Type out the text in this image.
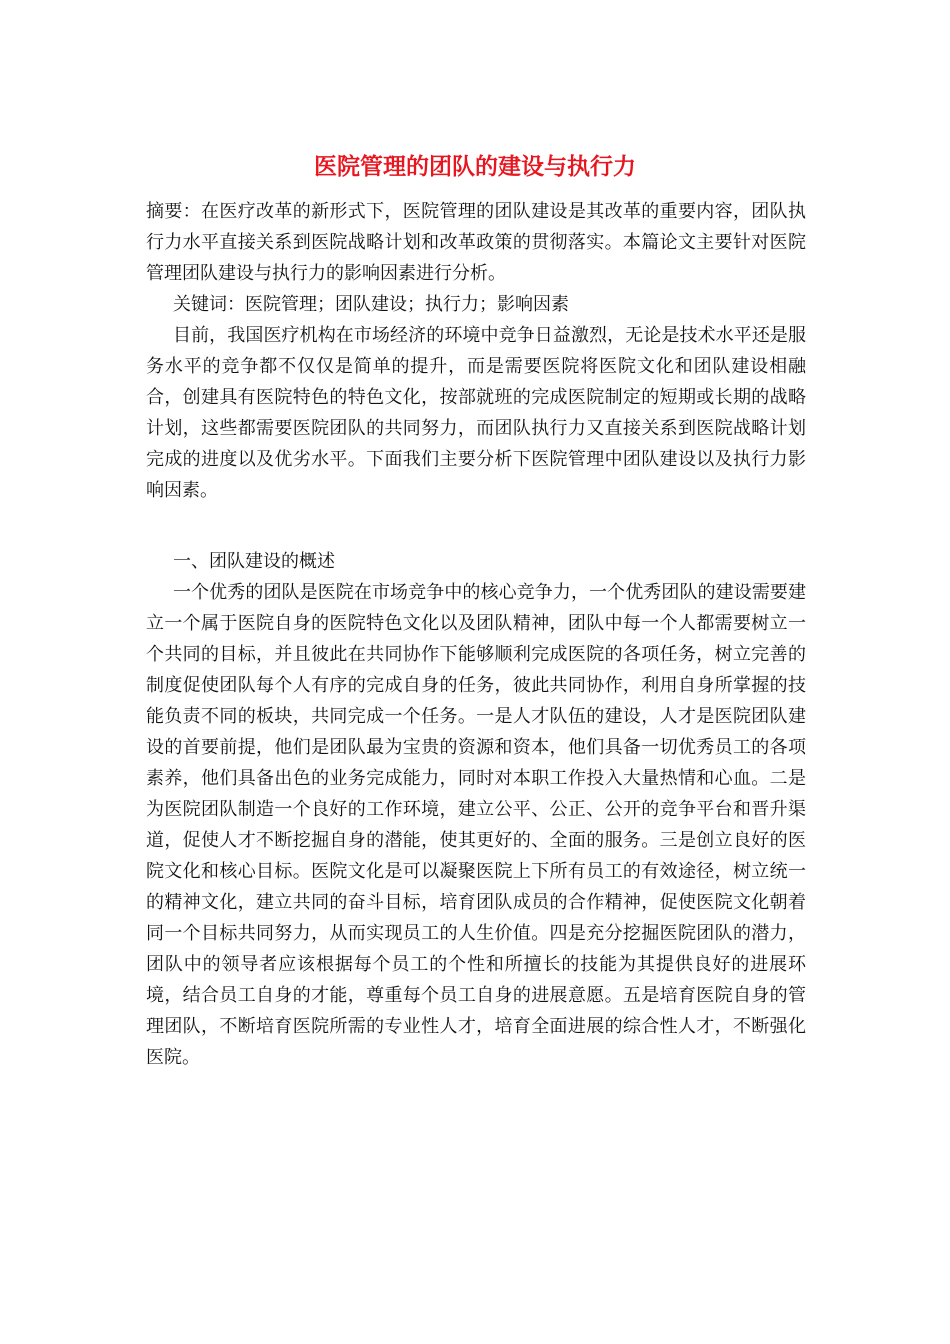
医院管理的团队的建设与执行力

摘要：在医疗改革的新形式下，医院管理的团队建设是其改革的重要内容，团队执行力水平直接关系到医院战略计划和改革政策的贯彻落实。本篇论文主要针对医院管理团队建设与执行力的影响因素进行分析。

关键词：医院管理；团队建设；执行力；影响因素

目前，我国医疗机构在市场经济的环境中竞争日益激烈，无论是技术水平还是服务水平的竞争都不仅仅是简单的提升，而是需要医院将医院文化和团队建设相融合，创建具有医院特色的特色文化，按部就班的完成医院制定的短期或长期的战略计划，这些都需要医院团队的共同努力，而团队执行力又直接关系到医院战略计划完成的进度以及优劣水平。下面我们主要分析下医院管理中团队建设以及执行力影响因素。

一、团队建设的概述

一个优秀的团队是医院在市场竞争中的核心竞争力，一个优秀团队的建设需要建立一个属于医院自身的医院特色文化以及团队精神，团队中每一个人都需要树立一个共同的目标，并且彼此在共同协作下能够顺利完成医院的各项任务，树立完善的制度促使团队每个人有序的完成自身的任务，彼此共同协作，利用自身所掌握的技能负责不同的板块，共同完成一个任务。一是人才队伍的建设，人才是医院团队建设的首要前提，他们是团队最为宝贵的资源和资本，他们具备一切优秀员工的各项素养，他们具备出色的业务完成能力，同时对本职工作投入大量热情和心血。二是为医院团队制造一个良好的工作环境，建立公平、公正、公开的竞争平台和晋升渠道，促使人才不断挖掘自身的潜能，使其更好的、全面的服务。三是创立良好的医院文化和核心目标。医院文化是可以凝聚医院上下所有员工的有效途径，树立统一的精神文化，建立共同的奋斗目标，培育团队成员的合作精神，促使医院文化朝着同一个目标共同努力，从而实现员工的人生价值。四是充分挖掘医院团队的潜力，团队中的领导者应该根据每个员工的个性和所擅长的技能为其提供良好的进展环境，结合员工自身的才能，尊重每个员工自身的进展意愿。五是培育医院自身的管理团队，不断培育医院所需的专业性人才，培育全面进展的综合性人才，不断强化医院。
